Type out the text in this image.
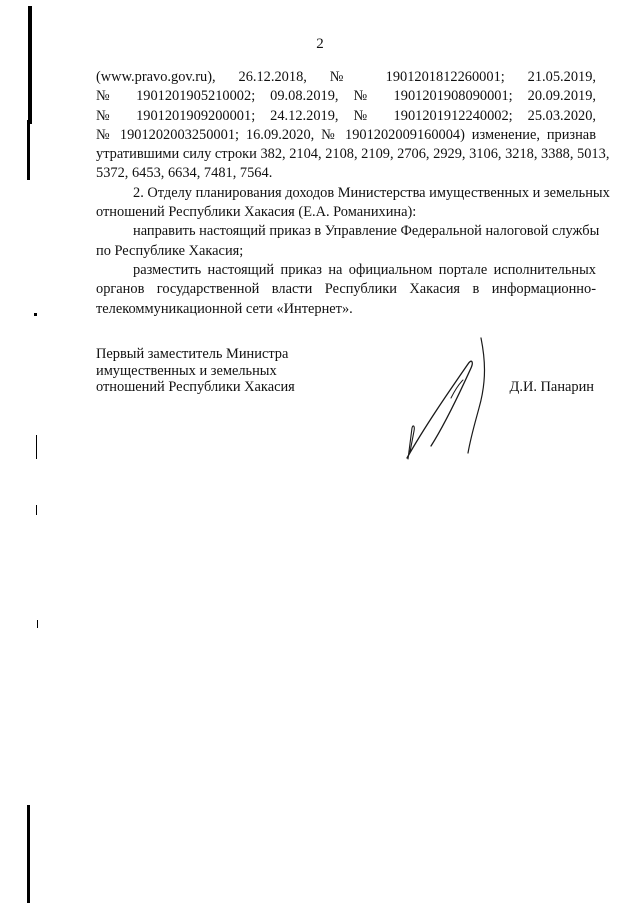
2
(www.pravo.gov.ru), 26.12.2018, № 1901201812260001; 21.05.2019,
№ 1901201905210002; 09.08.2019, № 1901201908090001; 20.09.2019,
№ 1901201909200001; 24.12.2019, № 1901201912240002; 25.03.2020,
№ 1901202003250001; 16.09.2020, № 1901202009160004) изменение, признав
утратившими силу строки 382, 2104, 2108, 2109, 2706, 2929, 3106, 3218, 3388, 5013,
5372, 6453, 6634, 7481, 7564.
2. Отделу планирования доходов Министерства имущественных и земельных
отношений Республики Хакасия (Е.А. Романихина):
направить настоящий приказ в Управление Федеральной налоговой службы
по Республике Хакасия;
разместить настоящий приказ на официальном портале исполнительных
органов государственной власти Республики Хакасия в информационно-
телекоммуникационной сети «Интернет».
Первый заместитель Министра
имущественных и земельных
отношений Республики Хакасия	Д.И. Панарин
